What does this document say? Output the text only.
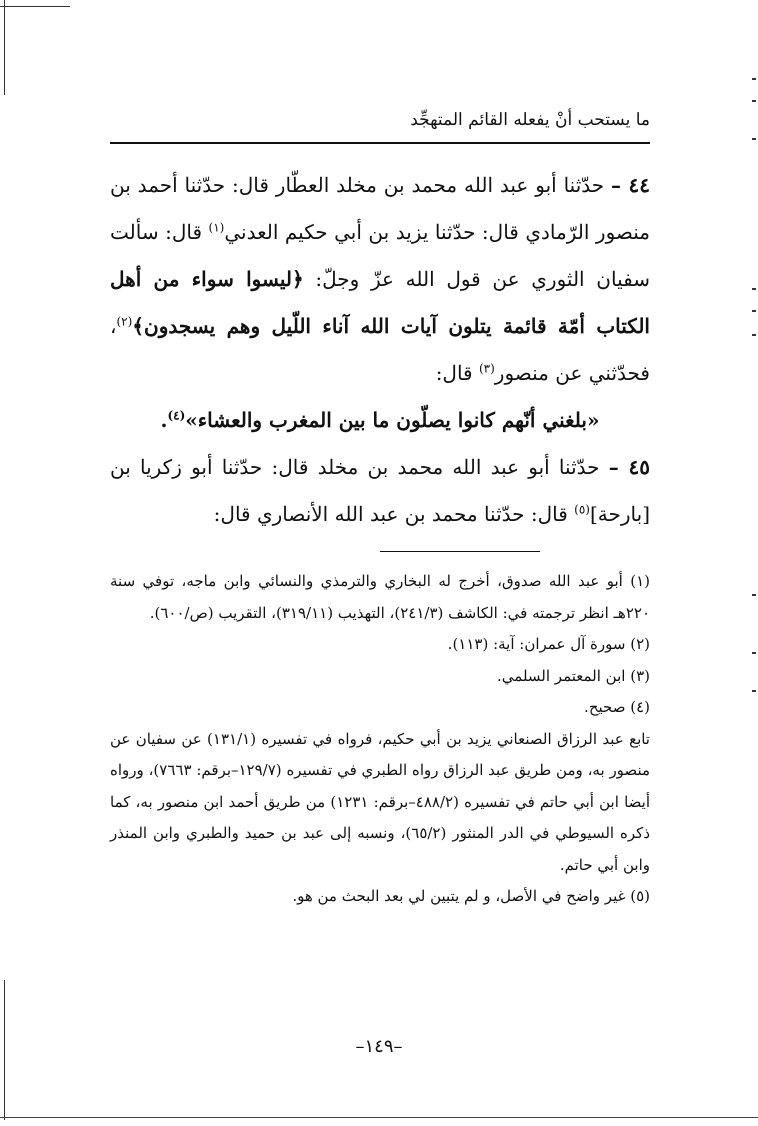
ما يستحب أنْ يفعله القائم المتهجِّد

٤٤ – حدّثنا أبو عبد الله محمد بن مخلد العطّار قال: حدّثنا أحمد بن منصور الرّمادي قال: حدّثنا يزيد بن أبي حكيم العدني$^{(١)}$ قال: سألت سفيان الثوري عن قول الله عزّ وجلّ: ﴿ليسوا سواء من أهل الكتاب أمّة قائمة يتلون آيات الله آناء اللّيل وهم يسجدون﴾$^{(٢)}$، فحدّثني عن منصور$^{(٣)}$ قال:

«بلغني أنّهم كانوا يصلّون ما بين المغرب والعشاء»$^{(٤)}$.

٤٥ – حدّثنا أبو عبد الله محمد بن مخلد قال: حدّثنا أبو زكريا بن [بارحة]$^{(٥)}$ قال: حدّثنا محمد بن عبد الله الأنصاري قال:

(١) أبو عبد الله صدوق، أخرج له البخاري والترمذي والنسائي وابن ماجه، توفي سنة ٢٢٠هـ انظر ترجمته في: الكاشف (٢٤١/٣)، التهذيب (٣١٩/١١)، التقريب (ص/٦٠٠).

(٢) سورة آل عمران: آية: (١١٣).

(٣) ابن المعتمر السلمي.

(٤) صحيح.

تابع عبد الرزاق الصنعاني يزيد بن أبي حكيم، فرواه في تفسيره (١٣١/١) عن سفيان عن منصور به، ومن طريق عبد الرزاق رواه الطبري في تفسيره (١٢٩/٧–برقم: ٧٦٦٣)، ورواه أيضا ابن أبي حاتم في تفسيره (٤٨٨/٢–برقم: ١٢٣١) من طريق أحمد ابن منصور به، كما ذكره السيوطي في الدر المنثور (٦٥/٢)، ونسبه إلى عبد بن حميد والطبري وابن المنذر وابن أبي حاتم.

(٥) غير واضح في الأصل، و لم يتبين لي بعد البحث من هو.

–١٤٩–
